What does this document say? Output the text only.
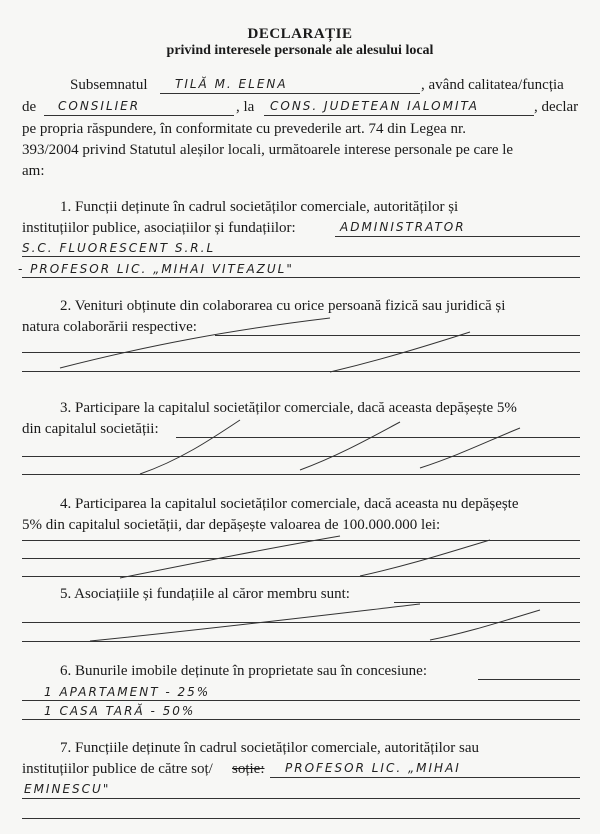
DECLARAȚIE
privind interesele personale ale alesului local
Subsemnatul TILĂ M. ELENA	, având calitatea/funcția
de CONSILIER	, la CONS. JUDETEAN IALOMITA	, declar
pe propria răspundere, în conformitate cu prevederile art. 74 din Legea nr.
393/2004 privind Statutul aleșilor locali, următoarele interese personale pe care le
am:
1. Funcții deținute în cadrul societăților comerciale, autorităților și
instituțiilor publice, asociațiilor și fundațiilor:	ADMINISTRATOR
S.C. FLUORESCENT S.R.L
- PROFESOR LIC. „MIHAI VITEAZUL"
2. Venituri obținute din colaborarea cu orice persoană fizică sau juridică și
natura colaborării respective:
3. Participare la capitalul societăților comerciale, dacă aceasta depășește 5%
din capitalul societății:
4. Participarea la capitalul societăților comerciale, dacă aceasta nu depășește
5% din capitalul societății, dar depășește valoarea de 100.000.000 lei:
5. Asociațiile și fundațiile al căror membru sunt:
6. Bunurile imobile deținute în proprietate sau în concesiune:
1 APARTAMENT - 25%
1 CASA TARĂ - 50%
7. Funcțiile deținute în cadrul societăților comerciale, autorităților sau
instituțiilor publice de către soț/ soție: PROFESOR LIC. „MIHAI
EMINESCU"
